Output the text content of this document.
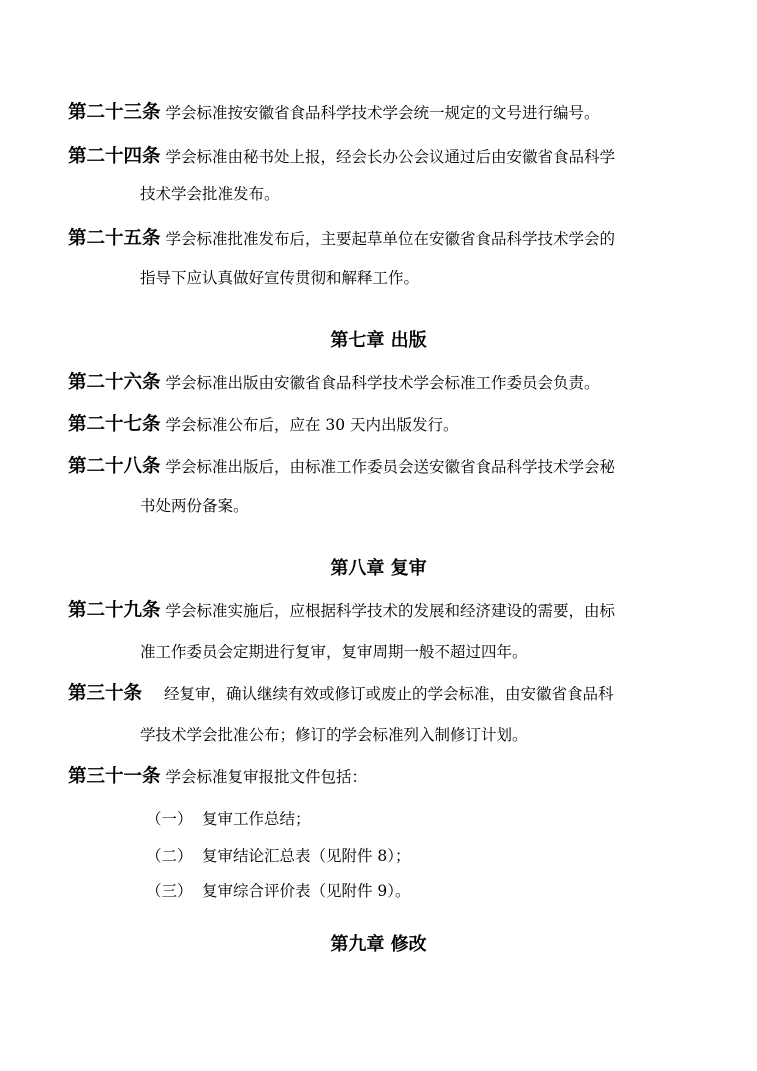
第二十三条 学会标准按安徽省食品科学技术学会统一规定的文号进行编号。
第二十四条 学会标准由秘书处上报，经会长办公会议通过后由安徽省食品科学
技术学会批准发布。
第二十五条 学会标准批准发布后，主要起草单位在安徽省食品科学技术学会的
指导下应认真做好宣传贯彻和解释工作。
第七章 出版
第二十六条 学会标准出版由安徽省食品科学技术学会标准工作委员会负责。
第二十七条 学会标准公布后，应在 30 天内出版发行。
第二十八条 学会标准出版后，由标准工作委员会送安徽省食品科学技术学会秘
书处两份备案。
第八章 复审
第二十九条 学会标准实施后，应根据科学技术的发展和经济建设的需要，由标
准工作委员会定期进行复审，复审周期一般不超过四年。
第三十条 经复审，确认继续有效或修订或废止的学会标准，由安徽省食品科
学技术学会批准公布；修订的学会标准列入制修订计划。
第三十一条 学会标准复审报批文件包括：
（一） 复审工作总结；
（二） 复审结论汇总表（见附件 8）；
（三） 复审综合评价表（见附件 9）。
第九章 修改
